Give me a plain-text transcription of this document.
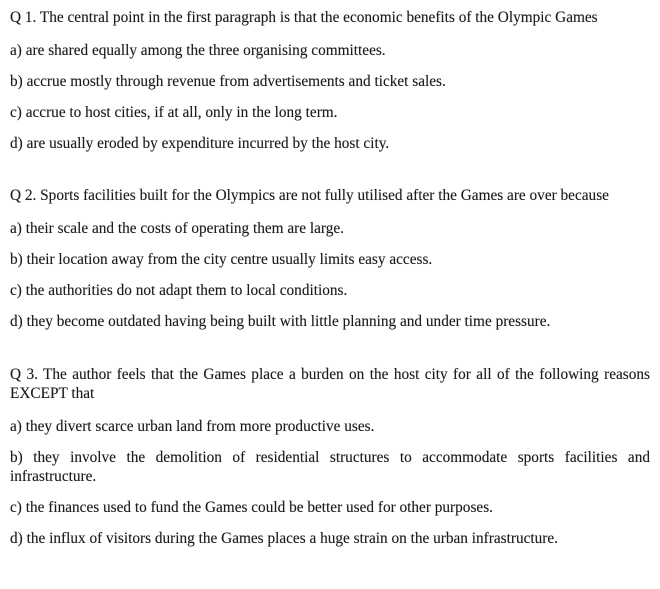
Q 1. The central point in the first paragraph is that the economic benefits of the Olympic Games

a) are shared equally among the three organising committees.

b) accrue mostly through revenue from advertisements and ticket sales.

c) accrue to host cities, if at all, only in the long term.

d) are usually eroded by expenditure incurred by the host city.

Q 2. Sports facilities built for the Olympics are not fully utilised after the Games are over because

a) their scale and the costs of operating them are large.

b) their location away from the city centre usually limits easy access.

c) the authorities do not adapt them to local conditions.

d) they become outdated having being built with little planning and under time pressure.

Q 3. The author feels that the Games place a burden on the host city for all of the following reasons
EXCEPT that

a) they divert scarce urban land from more productive uses.

b) they involve the demolition of residential structures to accommodate sports facilities and
infrastructure.

c) the finances used to fund the Games could be better used for other purposes.

d) the influx of visitors during the Games places a huge strain on the urban infrastructure.
